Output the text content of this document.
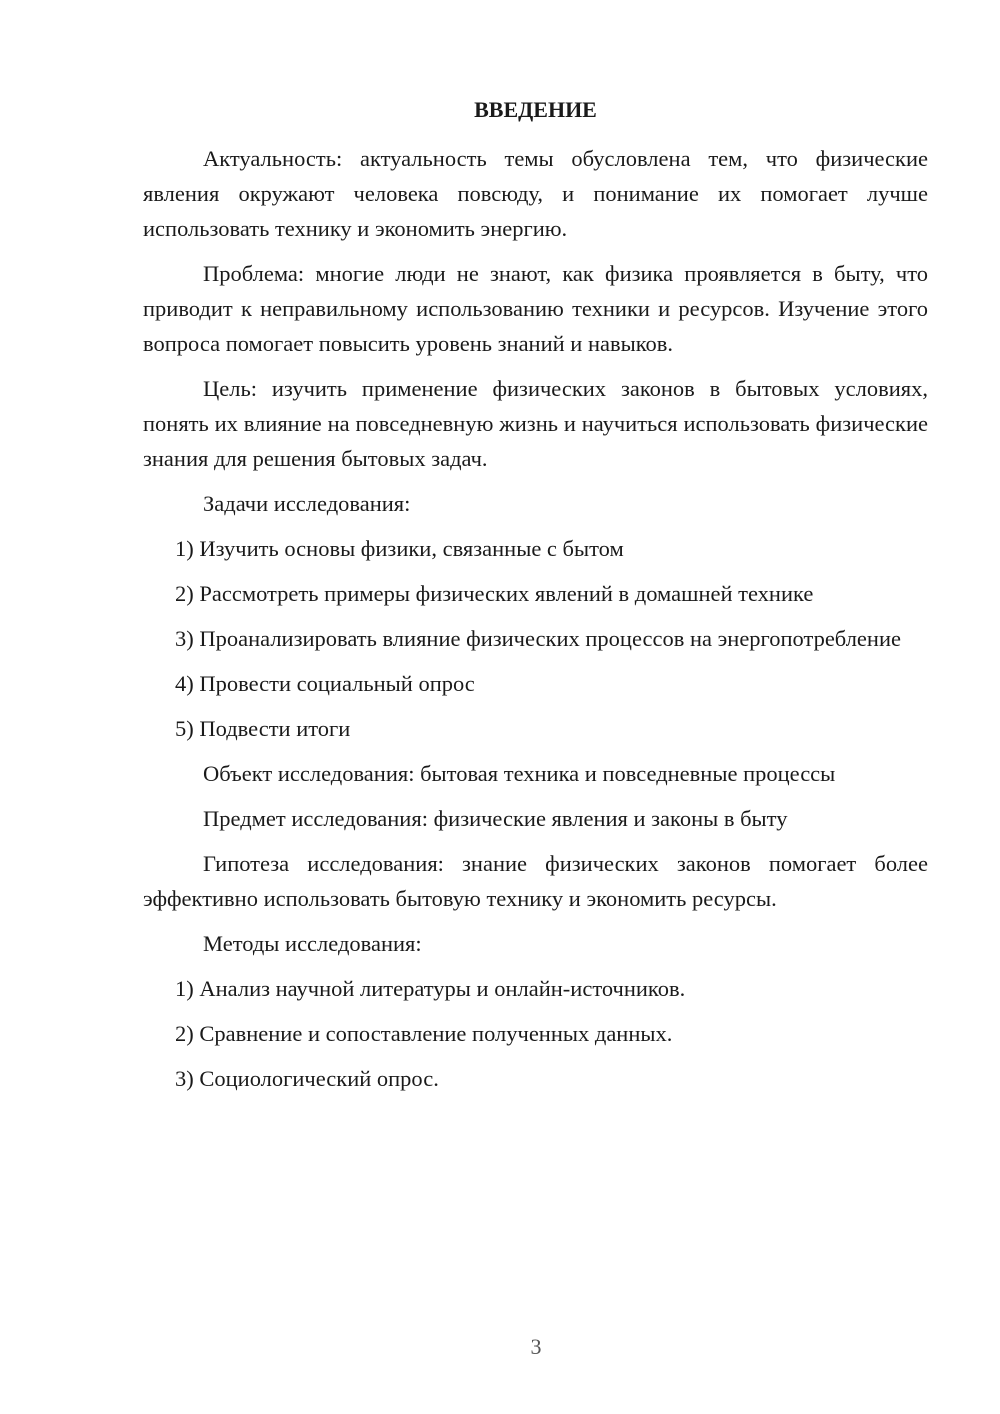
ВВЕДЕНИЕ

Актуальность: актуальность темы обусловлена тем, что физические явления окружают человека повсюду, и понимание их помогает лучше использовать технику и экономить энергию.

Проблема: многие люди не знают, как физика проявляется в быту, что приводит к неправильному использованию техники и ресурсов. Изучение этого вопроса помогает повысить уровень знаний и навыков.

Цель: изучить применение физических законов в бытовых условиях, понять их влияние на повседневную жизнь и научиться использовать физические знания для решения бытовых задач.

Задачи исследования:

1) Изучить основы физики, связанные с бытом

2) Рассмотреть примеры физических явлений в домашней технике

3) Проанализировать влияние физических процессов на энергопотребление

4) Провести социальный опрос

5) Подвести итоги

Объект исследования: бытовая техника и повседневные процессы

Предмет исследования: физические явления и законы в быту

Гипотеза исследования: знание физических законов помогает более эффективно использовать бытовую технику и экономить ресурсы.

Методы исследования:

1) Анализ научной литературы и онлайн-источников.

2) Сравнение и сопоставление полученных данных.

3) Социологический опрос.

3
